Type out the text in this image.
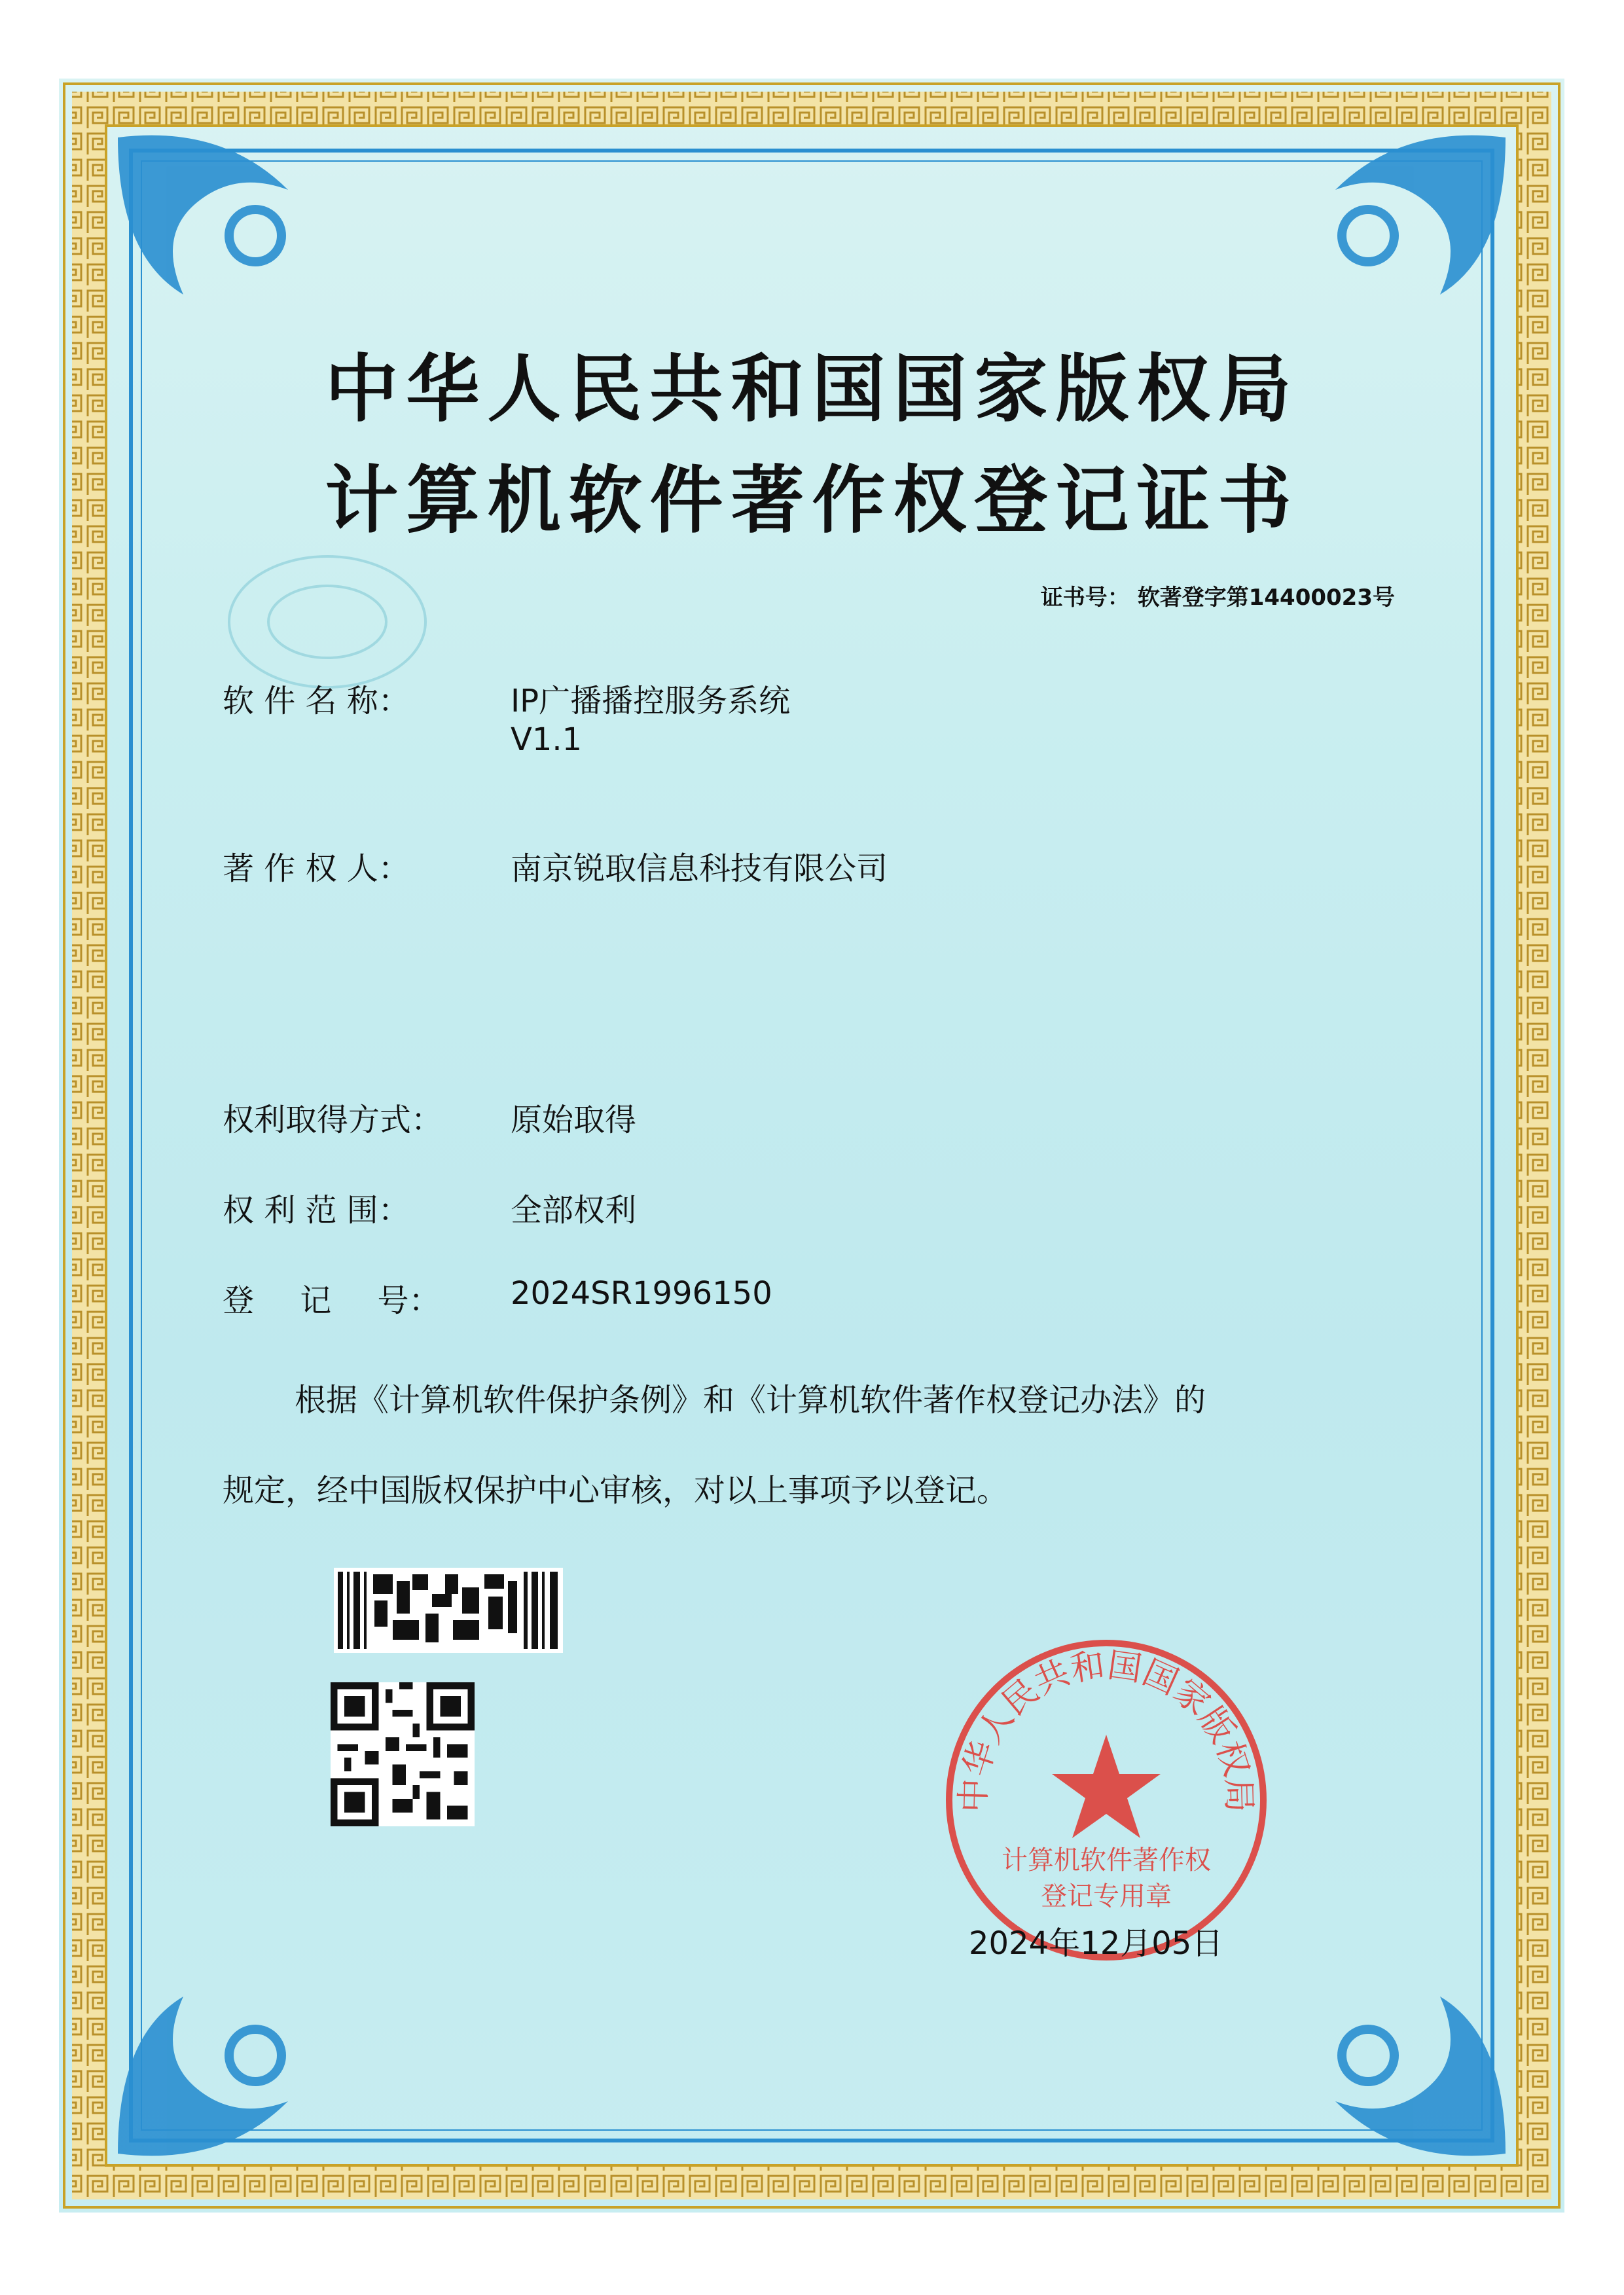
中华人民共和国国家版权局
计算机软件著作权登记证书
证书号： 软著登字第14400023号
软 件 名 称：	IP广播播控服务系统
V1.1
著 作 权 人：	南京锐取信息科技有限公司
权利取得方式： 原始取得
权 利 范 围：	全部权利
登 记 号： 2024SR1996150
根据《计算机软件保护条例》和《计算机软件著作权登记办法》的
规定，经中国版权保护中心审核，对以上事项予以登记。
中华人民共和国国家版权局
计算机软件著作权
登记专用章
2024年12月05日
